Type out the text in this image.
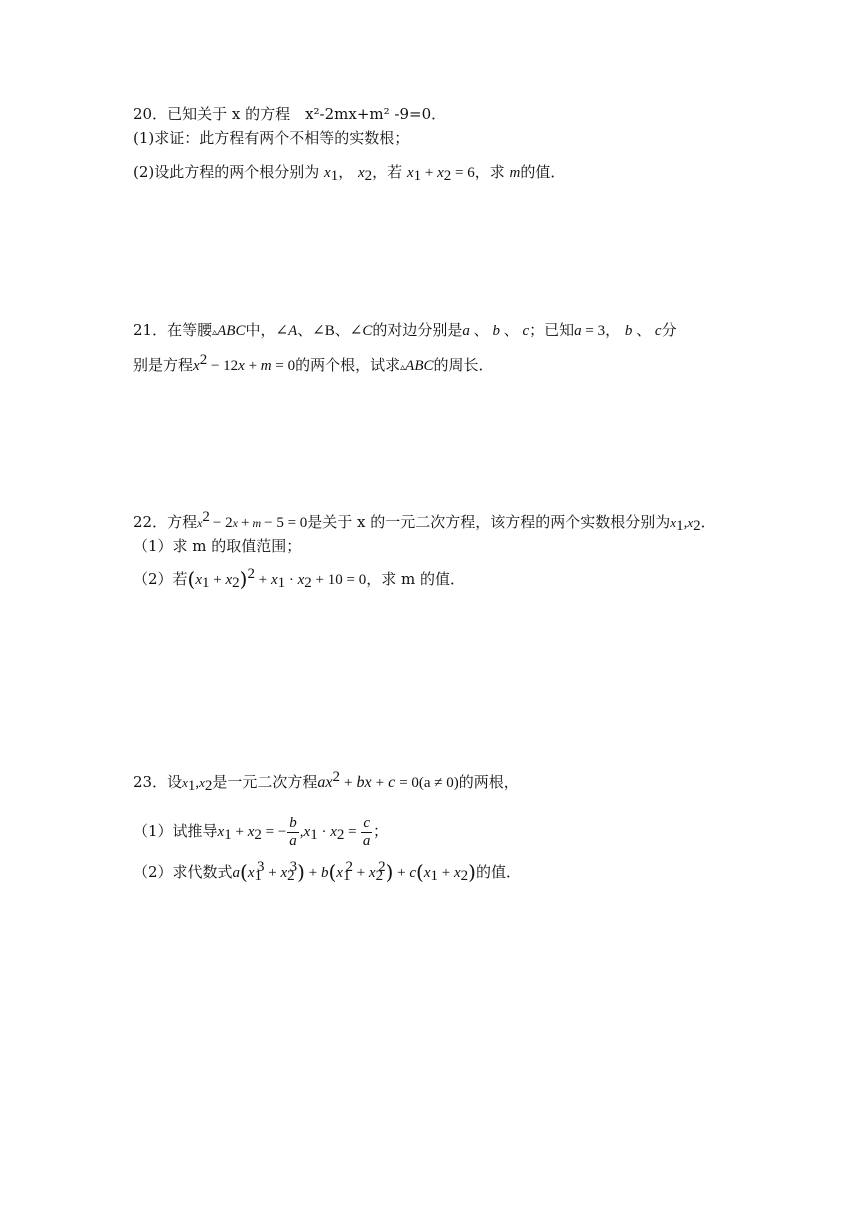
20．已知关于 x 的方程　x²-2mx+m² -9=0．
(1)求证：此方程有两个不相等的实数根；
(2)设此方程的两个根分别为 $x_1$， $x_2$，若 $x_1 + x_2 = 6$，求 m的值．
21．在等腰▵ABC中，∠A、∠B、∠C的对边分别是a 、 b 、 c；已知a = 3， b 、 c分
别是方程$x^2 - 12x + m = 0$的两个根，试求▵ABC的周长．
22．方程$x^2 - 2x + m - 5 = 0$是关于 x 的一元二次方程，该方程的两个实数根分别为$x_1,x_2$．
（1）求 m 的取值范围；
（2）若$(x_1 + x_2)^2 + x_1 \cdot x_2 + 10 = 0$，求 m 的值．
23．设$x_1,x_2$是一元二次方程$ax^2$ + bx + c = 0(a ≠ 0)的两根，
（1）试推导$x_1 + x_2$ = − $\frac{b}{a} ,x_1 \cdot x_2 = \frac{c}{a}$ ；
（2）求代数式$a(x_1^3 + x_2^3) + b(x_1^2 + x_2^2) + c(x_1 + x_2)$的值．
